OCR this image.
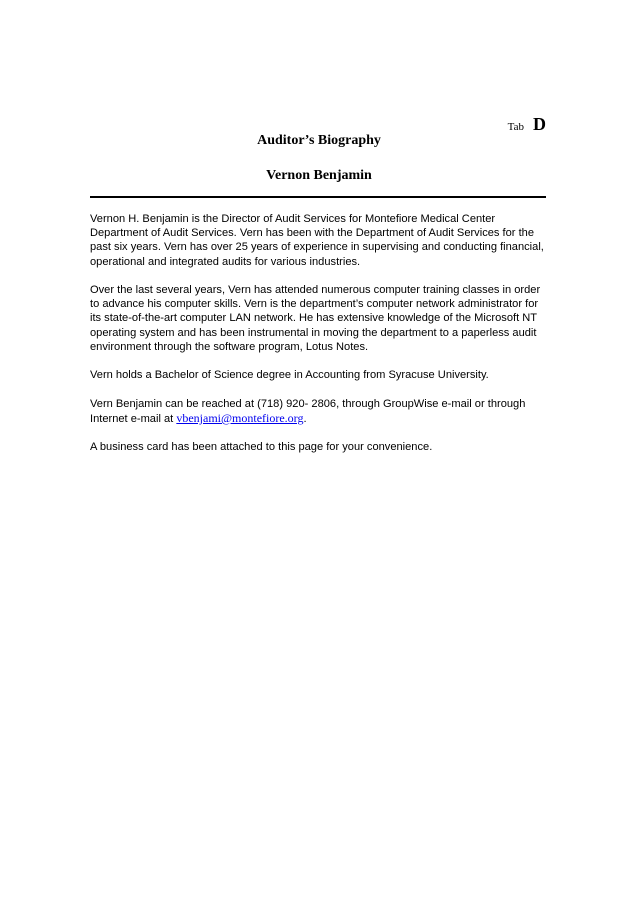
Tab D
Auditor’s Biography
Vernon Benjamin

Vernon H. Benjamin is the Director of Audit Services for Montefiore Medical Center Department of Audit Services. Vern has been with the Department of Audit Services for the past six years. Vern has over 25 years of experience in supervising and conducting financial, operational and integrated audits for various industries.

Over the last several years, Vern has attended numerous computer training classes in order to advance his computer skills. Vern is the department’s computer network administrator for its state-of-the-art computer LAN network. He has extensive knowledge of the Microsoft NT operating system and has been instrumental in moving the department to a paperless audit environment through the software program, Lotus Notes.

Vern holds a Bachelor of Science degree in Accounting from Syracuse University.

Vern Benjamin can be reached at (718) 920- 2806, through GroupWise e-mail or through Internet e-mail at vbenjami@montefiore.org.

A business card has been attached to this page for your convenience.
